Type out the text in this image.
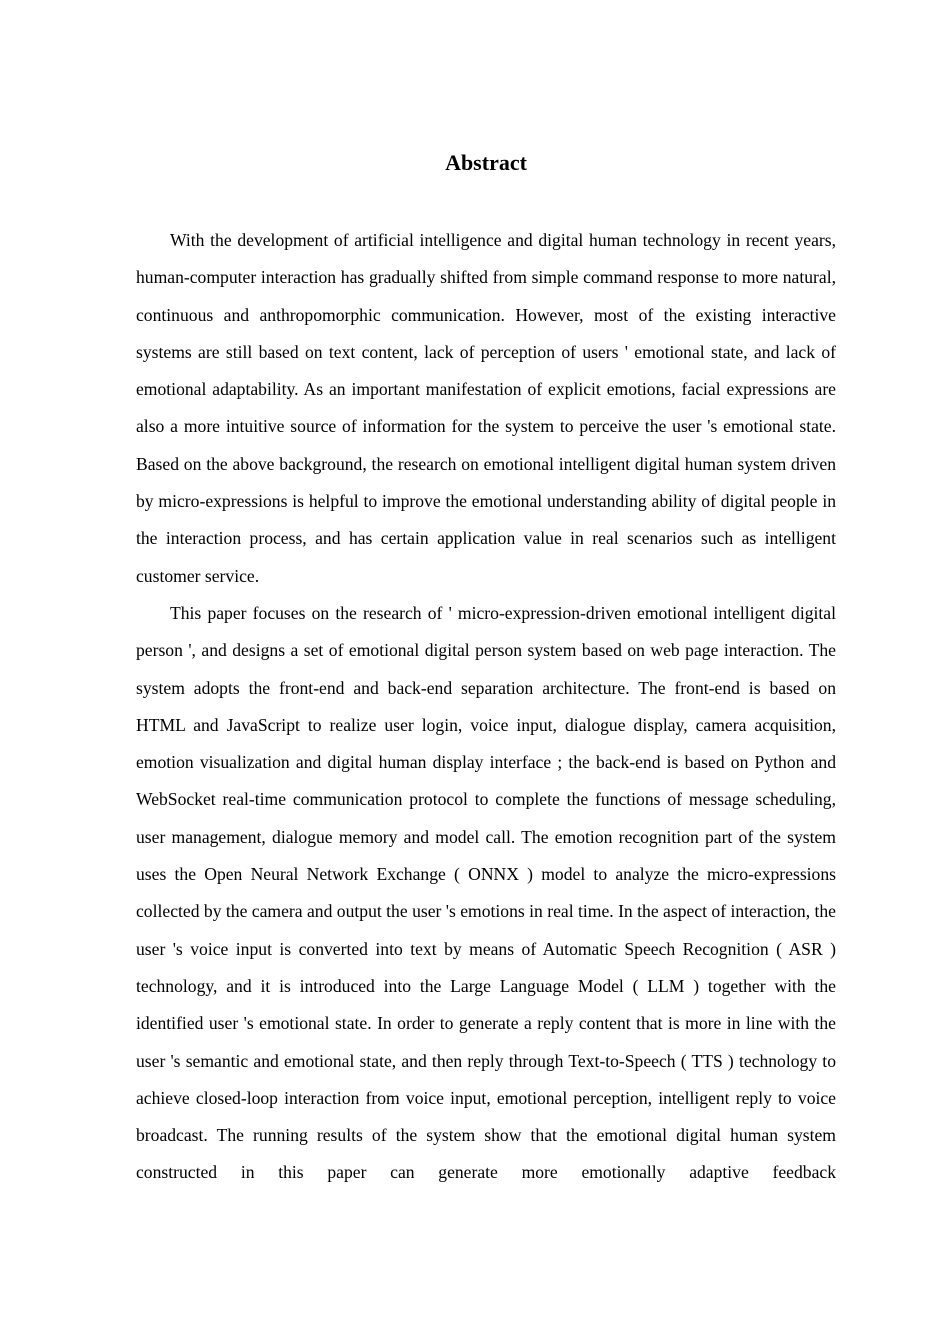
Abstract

With the development of artificial intelligence and digital human technology in recent years, human-computer interaction has gradually shifted from simple command response to more natural, continuous and anthropomorphic communication. However, most of the existing interactive systems are still based on text content, lack of perception of users ' emotional state, and lack of emotional adaptability. As an important manifestation of explicit emotions, facial expressions are also a more intuitive source of information for the system to perceive the user 's emotional state. Based on the above background, the research on emotional intelligent digital human system driven by micro-expressions is helpful to improve the emotional understanding ability of digital people in the interaction process, and has certain application value in real scenarios such as intelligent customer service.

This paper focuses on the research of ' micro-expression-driven emotional intelligent digital person ', and designs a set of emotional digital person system based on web page interaction. The system adopts the front-end and back-end separation architecture. The front-end is based on HTML and JavaScript to realize user login, voice input, dialogue display, camera acquisition, emotion visualization and digital human display interface ; the back-end is based on Python and WebSocket real-time communication protocol to complete the functions of message scheduling, user management, dialogue memory and model call. The emotion recognition part of the system uses the Open Neural Network Exchange ( ONNX ) model to analyze the micro-expressions collected by the camera and output the user 's emotions in real time. In the aspect of interaction, the user 's voice input is converted into text by means of Automatic Speech Recognition ( ASR ) technology, and it is introduced into the Large Language Model ( LLM ) together with the identified user 's emotional state. In order to generate a reply content that is more in line with the user 's semantic and emotional state, and then reply through Text-to-Speech ( TTS ) technology to achieve closed-loop interaction from voice input, emotional perception, intelligent reply to voice broadcast. The running results of the system show that the emotional digital human system constructed in this paper can generate more emotionally adaptive feedback
